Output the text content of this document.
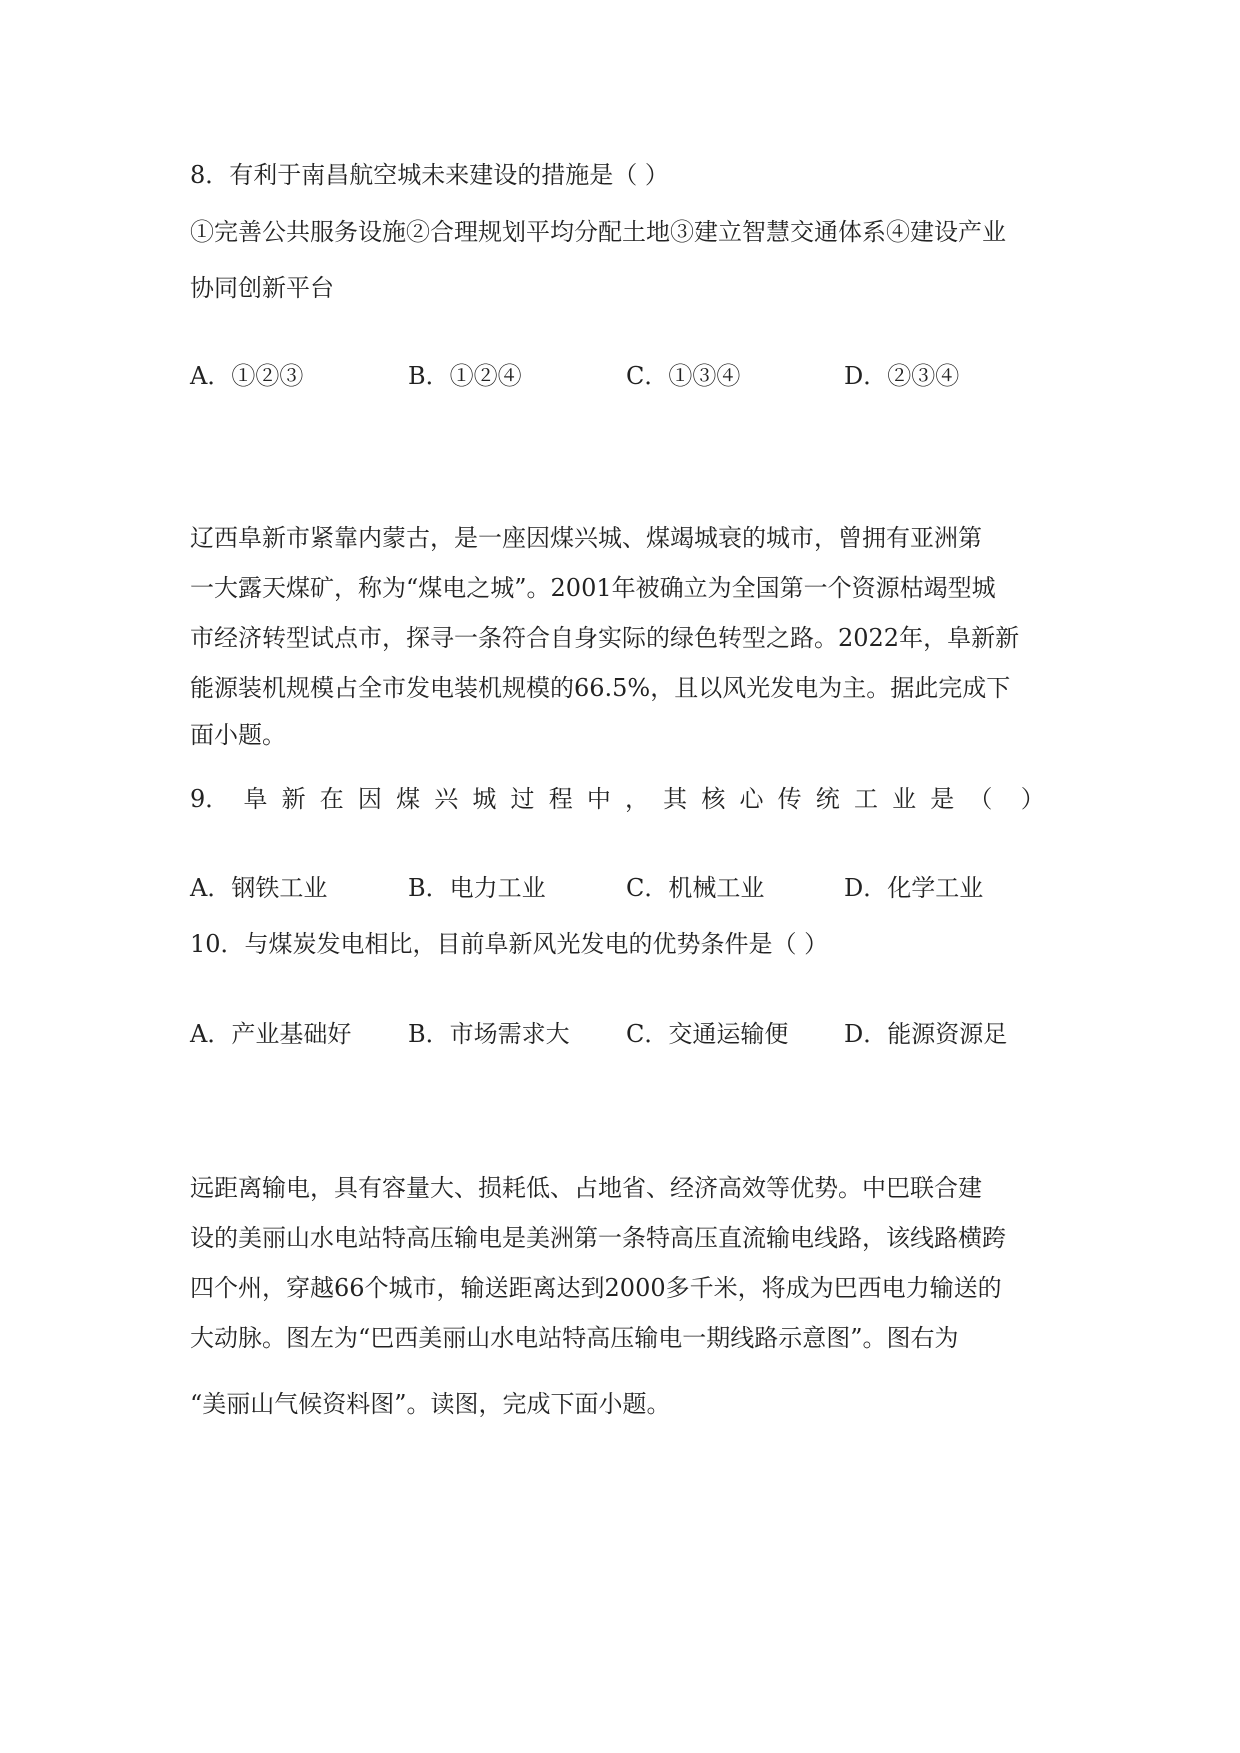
8．有利于南昌航空城未来建设的措施是（ ）

①完善公共服务设施②合理规划平均分配土地③建立智慧交通体系④建设产业

协同创新平台

A．①②③	B．①②④	C．①③④	D．②③④
辽西阜新市紧靠内蒙古，是一座因煤兴城、煤竭城衰的城市，曾拥有亚洲第
一大露天煤矿，称为“煤电之城”。2001年被确立为全国第一个资源枯竭型城
市经济转型试点市，探寻一条符合自身实际的绿色转型之路。2022年，阜新新
能源装机规模占全市发电装机规模的66.5%，且以风光发电为主。据此完成下
面小题。
9． 阜 新 在 因 煤 兴 城 过 程 中 ， 其 核 心 传 统 工 业 是 （ ）
A．钢铁工业	B．电力工业	C．机械工业	D．化学工业

10．与煤炭发电相比，目前阜新风光发电的优势条件是（ ）

A．产业基础好	B．市场需求大	C．交通运输便	D．能源资源足
远距离输电，具有容量大、损耗低、占地省、经济高效等优势。中巴联合建
设的美丽山水电站特高压输电是美洲第一条特高压直流输电线路，该线路横跨
四个州，穿越66个城市，输送距离达到2000多千米，将成为巴西电力输送的
大动脉。图左为“巴西美丽山水电站特高压输电一期线路示意图”。图右为
“美丽山气候资料图”。读图，完成下面小题。
